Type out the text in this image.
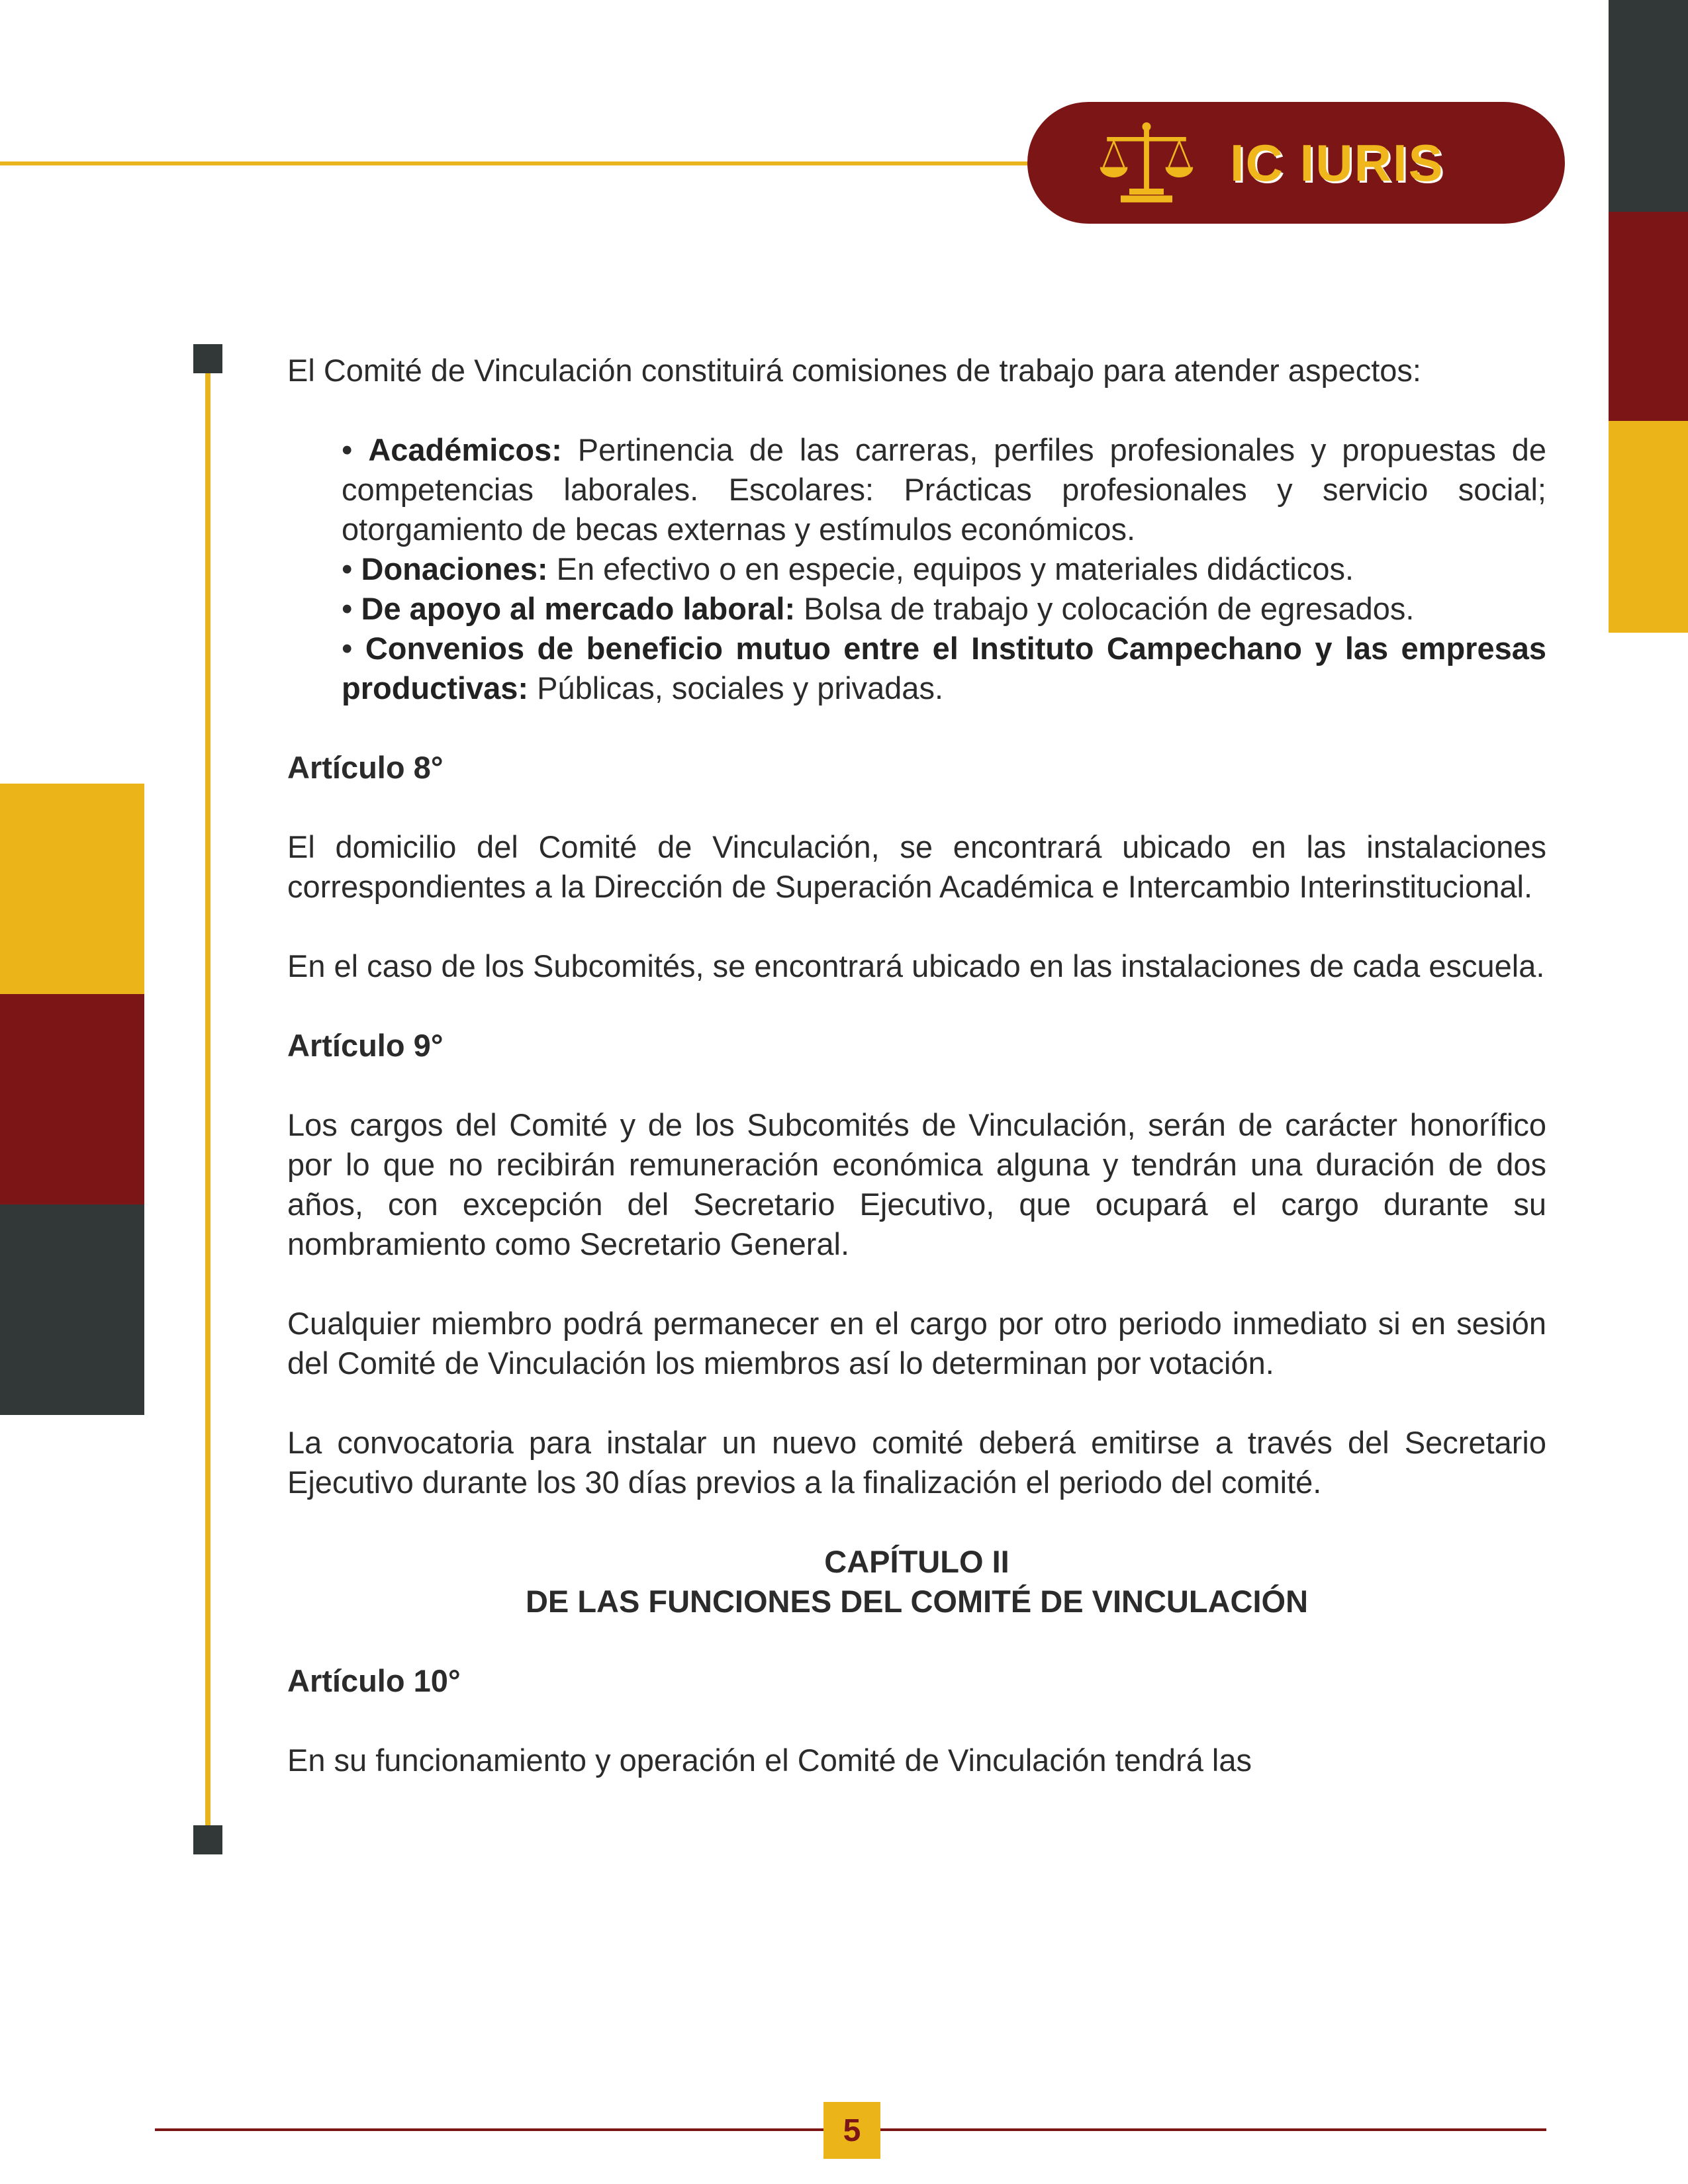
IC IURIS

El Comité de Vinculación constituirá comisiones de trabajo para atender aspectos:

• Académicos: Pertinencia de las carreras, perfiles profesionales y propuestas de competencias laborales. Escolares: Prácticas profesionales y servicio social; otorgamiento de becas externas y estímulos económicos.

• Donaciones: En efectivo o en especie, equipos y materiales didácticos.

• De apoyo al mercado laboral: Bolsa de trabajo y colocación de egresados.

• Convenios de beneficio mutuo entre el Instituto Campechano y las empresas productivas: Públicas, sociales y privadas.

Artículo 8°

El domicilio del Comité de Vinculación, se encontrará ubicado en las instalaciones correspondientes a la Dirección de Superación Académica e Intercambio Interinstitucional.

En el caso de los Subcomités, se encontrará ubicado en las instalaciones de cada escuela.

Artículo 9°

Los cargos del Comité y de los Subcomités de Vinculación, serán de carácter honorífico por lo que no recibirán remuneración económica alguna y tendrán una duración de dos años, con excepción del Secretario Ejecutivo, que ocupará el cargo durante su nombramiento como Secretario General.

Cualquier miembro podrá permanecer en el cargo por otro periodo inmediato si en sesión del Comité de Vinculación los miembros así lo determinan por votación.

La convocatoria para instalar un nuevo comité deberá emitirse a través del Secretario Ejecutivo durante los 30 días previos a la finalización el periodo del comité.

CAPÍTULO II
DE LAS FUNCIONES DEL COMITÉ DE VINCULACIÓN

Artículo 10°

En su funcionamiento y operación el Comité de Vinculación tendrá las

5
